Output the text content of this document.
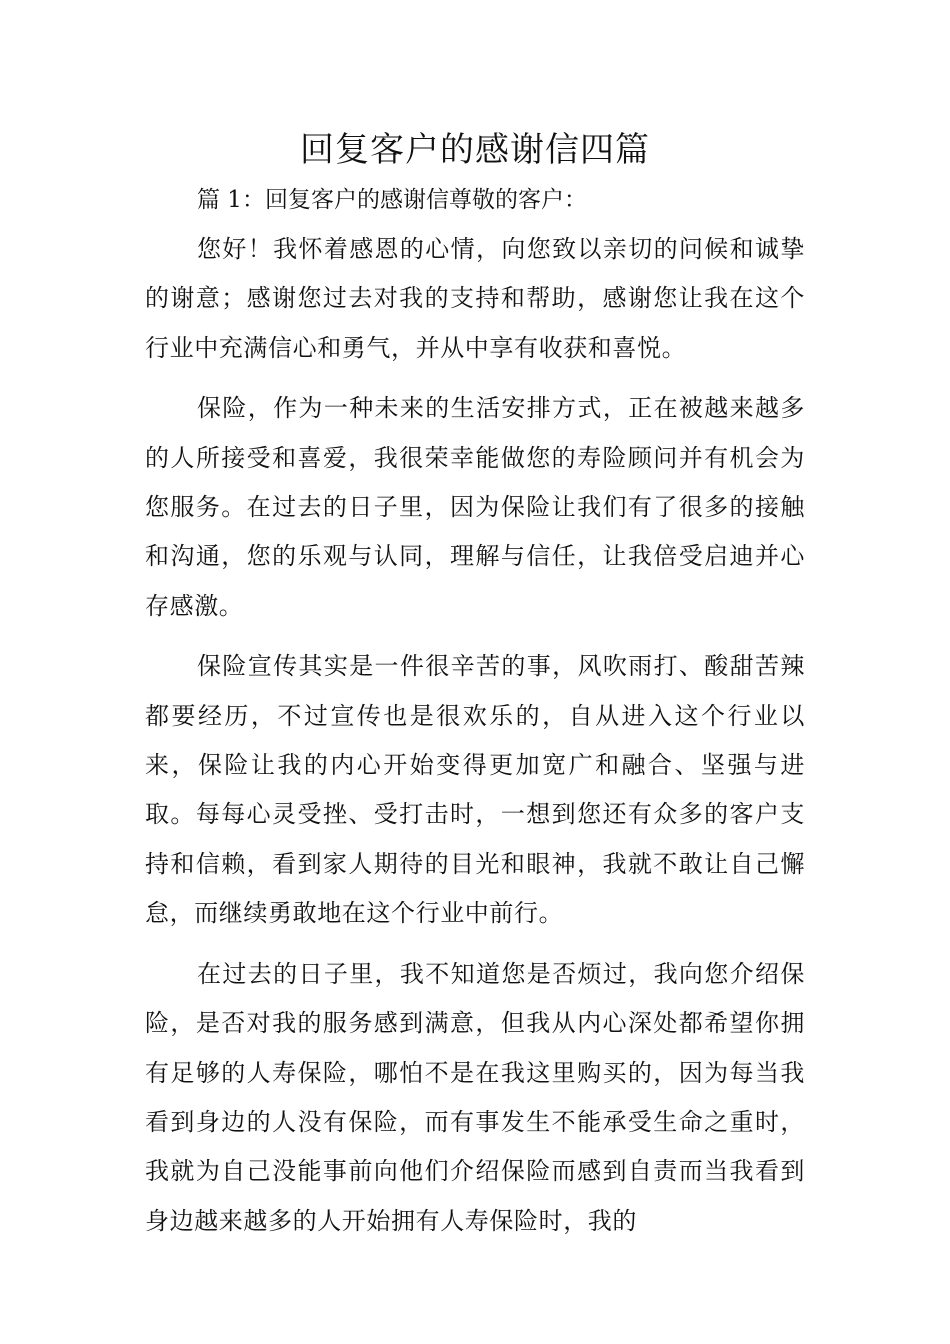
回复客户的感谢信四篇

篇 1：回复客户的感谢信尊敬的客户：

您好！我怀着感恩的心情，向您致以亲切的问候和诚挚的谢意；感谢您过去对我的支持和帮助，感谢您让我在这个行业中充满信心和勇气，并从中享有收获和喜悦。

保险，作为一种未来的生活安排方式，正在被越来越多的人所接受和喜爱，我很荣幸能做您的寿险顾问并有机会为您服务。在过去的日子里，因为保险让我们有了很多的接触和沟通，您的乐观与认同，理解与信任，让我倍受启迪并心存感激。

保险宣传其实是一件很辛苦的事，风吹雨打、酸甜苦辣都要经历，不过宣传也是很欢乐的，自从进入这个行业以来，保险让我的内心开始变得更加宽广和融合、坚强与进取。每每心灵受挫、受打击时，一想到您还有众多的客户支持和信赖，看到家人期待的目光和眼神，我就不敢让自己懈怠，而继续勇敢地在这个行业中前行。

在过去的日子里，我不知道您是否烦过，我向您介绍保险，是否对我的服务感到满意，但我从内心深处都希望你拥有足够的人寿保险，哪怕不是在我这里购买的，因为每当我看到身边的人没有保险，而有事发生不能承受生命之重时，我就为自己没能事前向他们介绍保险而感到自责而当我看到身边越来越多的人开始拥有人寿保险时，我的
